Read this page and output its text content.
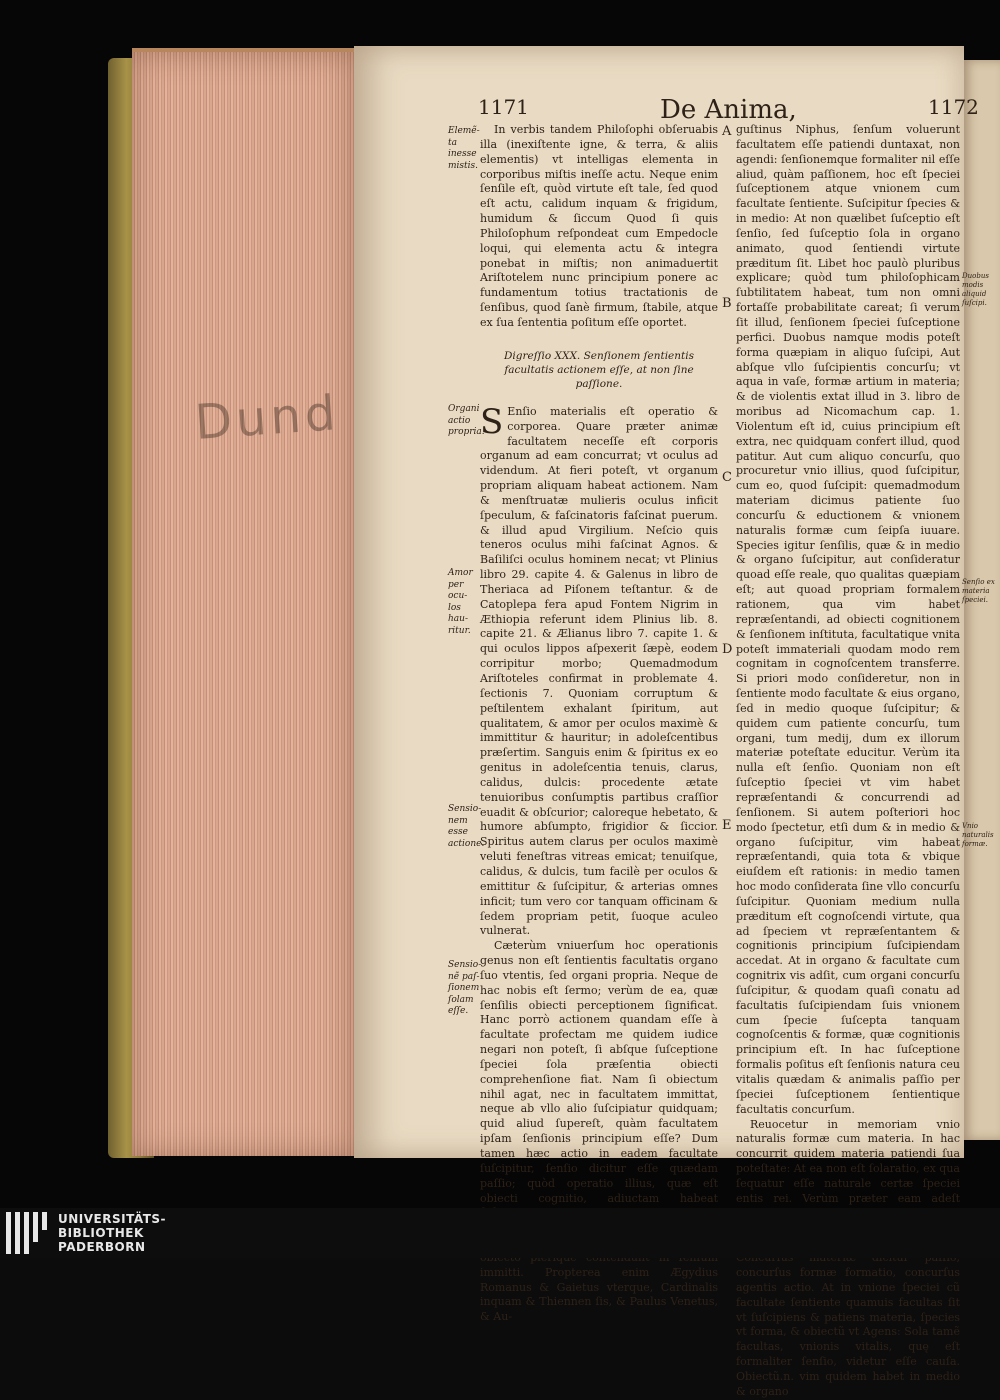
Dund
1171	De Anima,	1172
Elemẽ-ta inesse mistis.
Organi actio propria.
Amor per ocu-los hau-ritur.
Sensio-nem esse actione.
Sensio-nẽ paſ-ſionem ſolam eſſe.
A
B
C
D
E

In verbis tandem Philoſophi obſeruabis illa (inexiſtente igne, & terra, & aliis elementis) vt intelligas elementa in corporibus miſtis ineſſe actu. Neque enim ſenſile eſt, quòd virtute eſt tale, ſed quod eſt actu, calidum inquam & frigidum, humidum & ſiccum Quod ſi quis Philoſophum reſpondeat cum Empedocle loqui, qui elementa actu & integra ponebat in miſtis; non animaduertit Ariſtotelem nunc principium ponere ac fundamentum totius tractationis de ſenſibus, quod ſanè firmum, ſtabile, atque ex ſua ſententia poſitum eſſe oportet.

Digreſſio XXX. Senſionem ſentientis facultatis actionem eſſe, at non ſine paſſione.

S Enſio materialis eſt operatio & corporea. Quare præter animæ facultatem neceſſe eſt corporis organum ad eam concurrat; vt oculus ad videndum. At fieri poteſt, vt organum propriam aliquam habeat actionem. Nam & menſtruatæ mulieris oculus inficit ſpeculum, & faſcinatoris faſcinat puerum. & illud apud Virgilium. Neſcio quis teneros oculus mihi faſcinat Agnos. & Baſiliſci oculus hominem necat; vt Plinius libro 29. capite 4. & Galenus in libro de Theriaca ad Piſonem teſtantur. & de Catoplepa fera apud Fontem Nigrim in Æthiopia referunt idem Plinius lib. 8. capite 21. & Ælianus libro 7. capite 1. & qui oculos lippos aſpexerit ſæpè, eodem corripitur morbo; Quemadmodum Ariſtoteles confirmat in problemate 4. ſectionis 7. Quoniam corruptum & peſtilentem exhalant ſpiritum, aut qualitatem, & amor per oculos maximè & immittitur & hauritur; in adoleſcentibus præſertim. Sanguis enim & ſpiritus ex eo genitus in adoleſcentia tenuis, clarus, calidus, dulcis: procedente ætate tenuioribus conſumptis partibus craſſior euadit & obſcurior; caloreque hebetato, & humore abſumpto, frigidior & ſiccior. Spiritus autem clarus per oculos maximè veluti feneſtras vitreas emicat; tenuiſque, calidus, & dulcis, tum facilè per oculos & emittitur & ſuſcipitur, & arterias omnes inficit; tum vero cor tanquam officinam & ſedem propriam petit, ſuoque aculeo vulnerat.

Cæterùm vniuerſum hoc operationis genus non eſt ſentientis facultatis organo ſuo vtentis, ſed organi propria. Neque de hac nobis eſt ſermo; verùm de ea, quæ ſenſilis obiecti perceptionem ſignificat. Hanc porrò actionem quandam eſſe à facultate profectam me quidem iudice negari non poteſt, ſi abſque ſuſceptione ſpeciei ſola præſentia obiecti comprehenſione fiat. Nam ſi obiectum nihil agat, nec in facultatem immittat, neque ab vllo alio ſuſcipiatur quidquam; quid aliud ſupereſt, quàm facultatem ipſam ſenſionis principium eſſe? Dum tamen hæc actio in eadem facultate ſuſcipitur, ſenſio dicitur eſſe quædam paſſio; quòd operatio illius, quæ eſt obiecti cognitio, adiuctam habeat

immitti. Propterea enim Ægydius Romanus & Gaietus vterque, Cardinalis inquam & Thiennen ſis, & Paulus Venetus, & Au-

guſtinus Niphus, ſenſum voluerunt facultatem eſſe patiendi duntaxat, non agendi: ſenſionemque formaliter nil eſſe aliud, quàm paſſionem, hoc eſt ſpeciei ſuſceptionem atque vnionem cum facultate ſentiente. Suſcipitur ſpecies & in medio: At non quælibet ſuſceptio eſt ſenſio, ſed ſuſceptio ſola in organo animato, quod ſentiendi virtute præditum ſit. Libet hoc paulò pluribus explicare; quòd tum philoſophicam ſubtilitatem habeat, tum non omni fortaſſe probabilitate careat; ſi verum ſit illud, ſenſionem ſpeciei ſuſceptione perfici. Duobus namque modis poteſt forma quæpiam in aliquo ſuſcipi, Aut abſque vllo ſuſcipientis concurſu; vt aqua in vaſe, formæ artium in materia; & de violentis extat illud in 3. libro de moribus ad Nicomachum cap. 1. Violentum eſt id, cuius principium eſt extra, nec quidquam confert illud, quod patitur. Aut cum aliquo concurſu, quo procuretur vnio illius, quod ſuſcipitur, cum eo, quod ſuſcipit: quemadmodum materiam dicimus patiente ſuo concurſu & eductionem & vnionem naturalis formæ cum ſeipſa iuuare. Species igitur ſenſilis, quæ & in medio & organo ſuſcipitur, aut conſideratur quoad eſſe reale, quo qualitas quæpiam eſt; aut quoad propriam formalem rationem, qua vim habet repræſentandi, ad obiecti cognitionem & ſenſionem inſtituta, facultatique vnita poteſt immateriali quodam modo rem cognitam in cognoſcentem transferre. Si priori modo conſideretur, non in ſentiente modo facultate & eius organo, ſed in medio quoque ſuſcipitur; & quidem cum patiente concurſu, tum organi, tum medij, dum ex illorum materiæ poteſtate educitur. Verùm ita nulla eſt ſenſio. Quoniam non eſt ſuſceptio ſpeciei vt vim habet repræſentandi & concurrendi ad ſenſionem. Si autem poſteriori hoc modo ſpectetur, etſi dum & in medio & organo ſuſcipitur, vim habeat repræſentandi, quia tota & vbique eiuſdem eſt rationis: in medio tamen hoc modo conſiderata ſine vllo concurſu ſuſcipitur. Quoniam medium nulla præditum eſt cognoſcendi virtute, qua ad ſpeciem vt repræſentantem & cognitionis principium ſuſcipiendam accedat. At in organo & facultate cum cognitrix vis adſit, cum organi concurſu ſuſcipitur, & quodam quaſi conatu ad facultatis ſuſcipiendam ſuis vnionem cum ſpecie ſuſcepta tanquam cognoſcentis & formæ, quæ cognitionis principium eſt. In hac ſuſceptione formalis poſitus eſt ſenſionis natura ceu vitalis quædam & animalis paſſio per ſpeciei ſuſceptionem ſentientique facultatis concurſum.

Reuocetur in memoriam vnio naturalis formæ cum materia. In hac concurrit quidem materia patiendi ſua poteſtate: At ea non eſt ſolaratio, ex qua ſequatur eſſe naturale certæ ſpeciei entis rei. Verùm præter eam adeſt concurſus formæ formatio, concurſus agentis actio. At in vnione ſpeciei cũ facultate ſentiente quamuis facultas ſit vt ſuſcipiens & patiens materia, ſpecies vt forma, & obiectũ vt Agens: Sola tamẽ facultas, vnionis vitalis, quę eſt formaliter ſenſio, videtur eſſe cauſa. Obiectũ.n. vim quidem habet in medio & organo

Duobus modis aliquid ſuſcipi.
Senſio ex materia ſpeciei.
Vnio naturalis formæ.
UNIVERSITÄTS-
BIBLIOTHEK
PADERBORN
